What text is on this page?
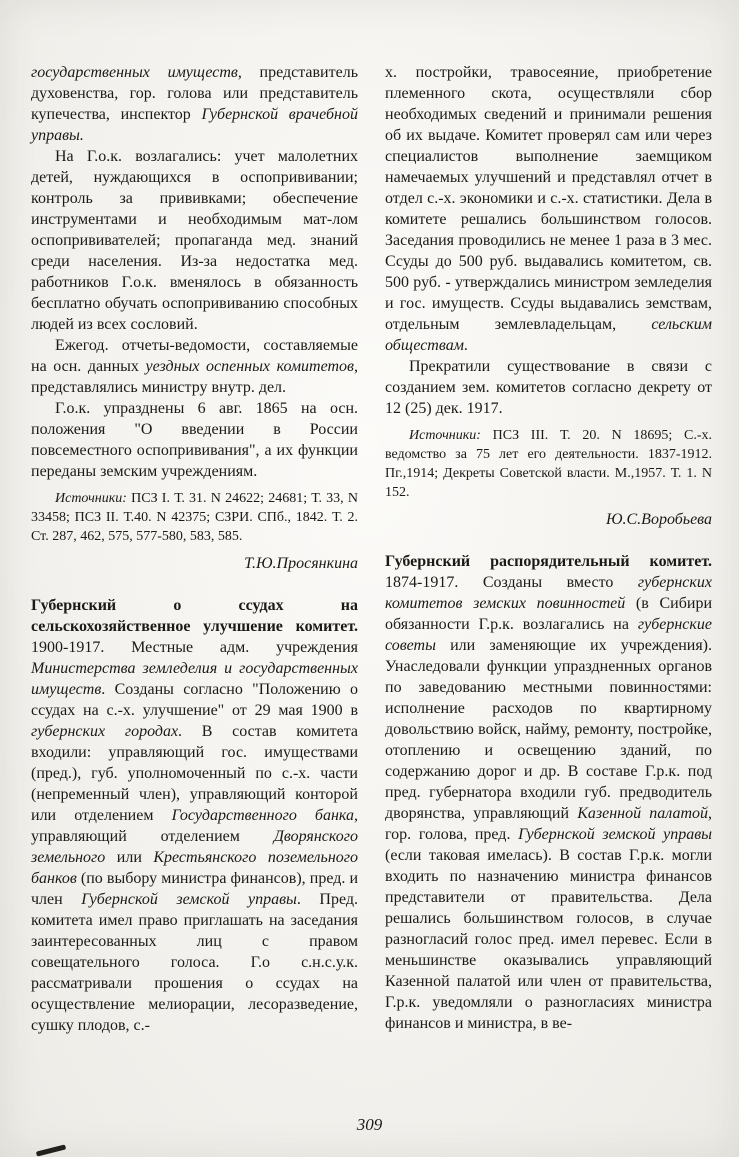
государственных имуществ, представитель духовенства, гор. голова или представитель купечества, инспектор Губернской врачебной управы.

На Г.о.к. возлагались: учет малолетних детей, нуждающихся в оспопрививании; контроль за прививками; обеспечение инструментами и необходимым мат-лом оспопрививателей; пропаганда мед. знаний среди населения. Из-за недостатка мед. работников Г.о.к. вменялось в обязанность бесплатно обучать оспопрививанию способных людей из всех сословий.

Ежегод. отчеты-ведомости, составляемые на осн. данных уездных оспенных комитетов, представлялись министру внутр. дел.

Г.о.к. упразднены 6 авг. 1865 на осн. положения "О введении в России повсеместного оспопрививания", а их функции переданы земским учреждениям.

Источники: ПСЗ I. Т. 31. N 24622; 24681; Т. 33, N 33458; ПСЗ II. Т.40. N 42375; СЗРИ. СПб., 1842. Т. 2. Ст. 287, 462, 575, 577-580, 583, 585.

Т.Ю.Просянкина

Губернский о ссудах на сельскохозяйственное улучшение комитет. 1900-1917. Местные адм. учреждения Министерства земледелия и государственных имуществ. Созданы согласно "Положению о ссудах на с.-х. улучшение" от 29 мая 1900 в губернских городах. В состав комитета входили: управляющий гос. имуществами (пред.), губ. уполномоченный по с.-х. части (непременный член), управляющий конторой или отделением Государственного банка, управляющий отделением Дворянского земельного или Крестьянского поземельного банков (по выбору министра финансов), пред. и член Губернской земской управы. Пред. комитета имел право приглашать на заседания заинтересованных лиц с правом совещательного голоса. Г.о с.н.с.у.к. рассматривали прошения о ссудах на осуществление мелиорации, лесоразведение, сушку плодов, с.-

х. постройки, травосеяние, приобретение племенного скота, осуществляли сбор необходимых сведений и принимали решения об их выдаче. Комитет проверял сам или через специалистов выполнение заемщиком намечаемых улучшений и представлял отчет в отдел с.-х. экономики и с.-х. статистики. Дела в комитете решались большинством голосов. Заседания проводились не менее 1 раза в 3 мес. Ссуды до 500 руб. выдавались комитетом, св. 500 руб. - утверждались министром земледелия и гос. имуществ. Ссуды выдавались земствам, отдельным землевладельцам, сельским обществам.

Прекратили существование в связи с созданием зем. комитетов согласно декрету от 12 (25) дек. 1917.

Источники: ПСЗ III. Т. 20. N 18695; С.-х. ведомство за 75 лет его деятельности. 1837-1912. Пг.,1914; Декреты Советской власти. М.,1957. Т. 1. N 152.

Ю.С.Воробьева

Губернский распорядительный комитет. 1874-1917. Созданы вместо губернских комитетов земских повинностей (в Сибири обязанности Г.р.к. возлагались на губернские советы или заменяющие их учреждения). Унаследовали функции упраздненных органов по заведованию местными повинностями: исполнение расходов по квартирному довольствию войск, найму, ремонту, постройке, отоплению и освещению зданий, по содержанию дорог и др. В составе Г.р.к. под пред. губернатора входили губ. предводитель дворянства, управляющий Казенной палатой, гор. голова, пред. Губернской земской управы (если таковая имелась). В состав Г.р.к. могли входить по назначению министра финансов представители от правительства. Дела решались большинством голосов, в случае разногласий голос пред. имел перевес. Если в меньшинстве оказывались управляющий Казенной палатой или член от правительства, Г.р.к. уведомляли о разногласиях министра финансов и министра, в ве-

309
